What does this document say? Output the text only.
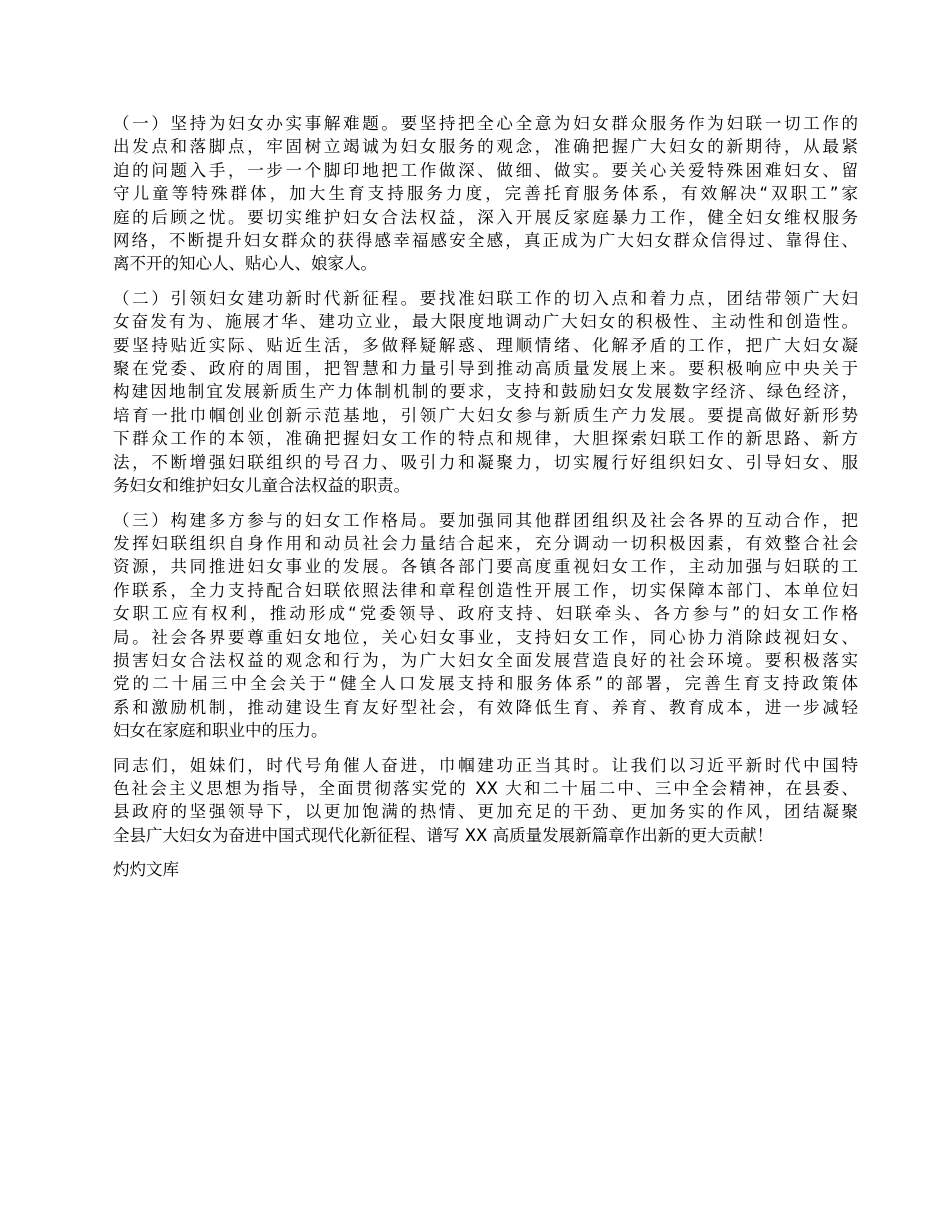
（一）坚持为妇女办实事解难题。要坚持把全心全意为妇女群众服务作为妇联一切工作的
出发点和落脚点，牢固树立竭诚为妇女服务的观念，准确把握广大妇女的新期待，从最紧
迫的问题入手，一步一个脚印地把工作做深、做细、做实。要关心关爱特殊困难妇女、留
守儿童等特殊群体，加大生育支持服务力度，完善托育服务体系，有效解决“双职工”家
庭的后顾之忧。要切实维护妇女合法权益，深入开展反家庭暴力工作，健全妇女维权服务
网络，不断提升妇女群众的获得感幸福感安全感，真正成为广大妇女群众信得过、靠得住、
离不开的知心人、贴心人、娘家人。
（二）引领妇女建功新时代新征程。要找准妇联工作的切入点和着力点，团结带领广大妇
女奋发有为、施展才华、建功立业，最大限度地调动广大妇女的积极性、主动性和创造性。
要坚持贴近实际、贴近生活，多做释疑解惑、理顺情绪、化解矛盾的工作，把广大妇女凝
聚在党委、政府的周围，把智慧和力量引导到推动高质量发展上来。要积极响应中央关于
构建因地制宜发展新质生产力体制机制的要求，支持和鼓励妇女发展数字经济、绿色经济，
培育一批巾帼创业创新示范基地，引领广大妇女参与新质生产力发展。要提高做好新形势
下群众工作的本领，准确把握妇女工作的特点和规律，大胆探索妇联工作的新思路、新方
法，不断增强妇联组织的号召力、吸引力和凝聚力，切实履行好组织妇女、引导妇女、服
务妇女和维护妇女儿童合法权益的职责。
（三）构建多方参与的妇女工作格局。要加强同其他群团组织及社会各界的互动合作，把
发挥妇联组织自身作用和动员社会力量结合起来，充分调动一切积极因素，有效整合社会
资源，共同推进妇女事业的发展。各镇各部门要高度重视妇女工作，主动加强与妇联的工
作联系，全力支持配合妇联依照法律和章程创造性开展工作，切实保障本部门、本单位妇
女职工应有权利，推动形成“党委领导、政府支持、妇联牵头、各方参与”的妇女工作格
局。社会各界要尊重妇女地位，关心妇女事业，支持妇女工作，同心协力消除歧视妇女、
损害妇女合法权益的观念和行为，为广大妇女全面发展营造良好的社会环境。要积极落实
党的二十届三中全会关于“健全人口发展支持和服务体系”的部署，完善生育支持政策体
系和激励机制，推动建设生育友好型社会，有效降低生育、养育、教育成本，进一步减轻
妇女在家庭和职业中的压力。
同志们，姐妹们，时代号角催人奋进，巾帼建功正当其时。让我们以习近平新时代中国特
色社会主义思想为指导，全面贯彻落实党的 XX 大和二十届二中、三中全会精神，在县委、
县政府的坚强领导下，以更加饱满的热情、更加充足的干劲、更加务实的作风，团结凝聚
全县广大妇女为奋进中国式现代化新征程、谱写 XX 高质量发展新篇章作出新的更大贡献！
灼灼文库
